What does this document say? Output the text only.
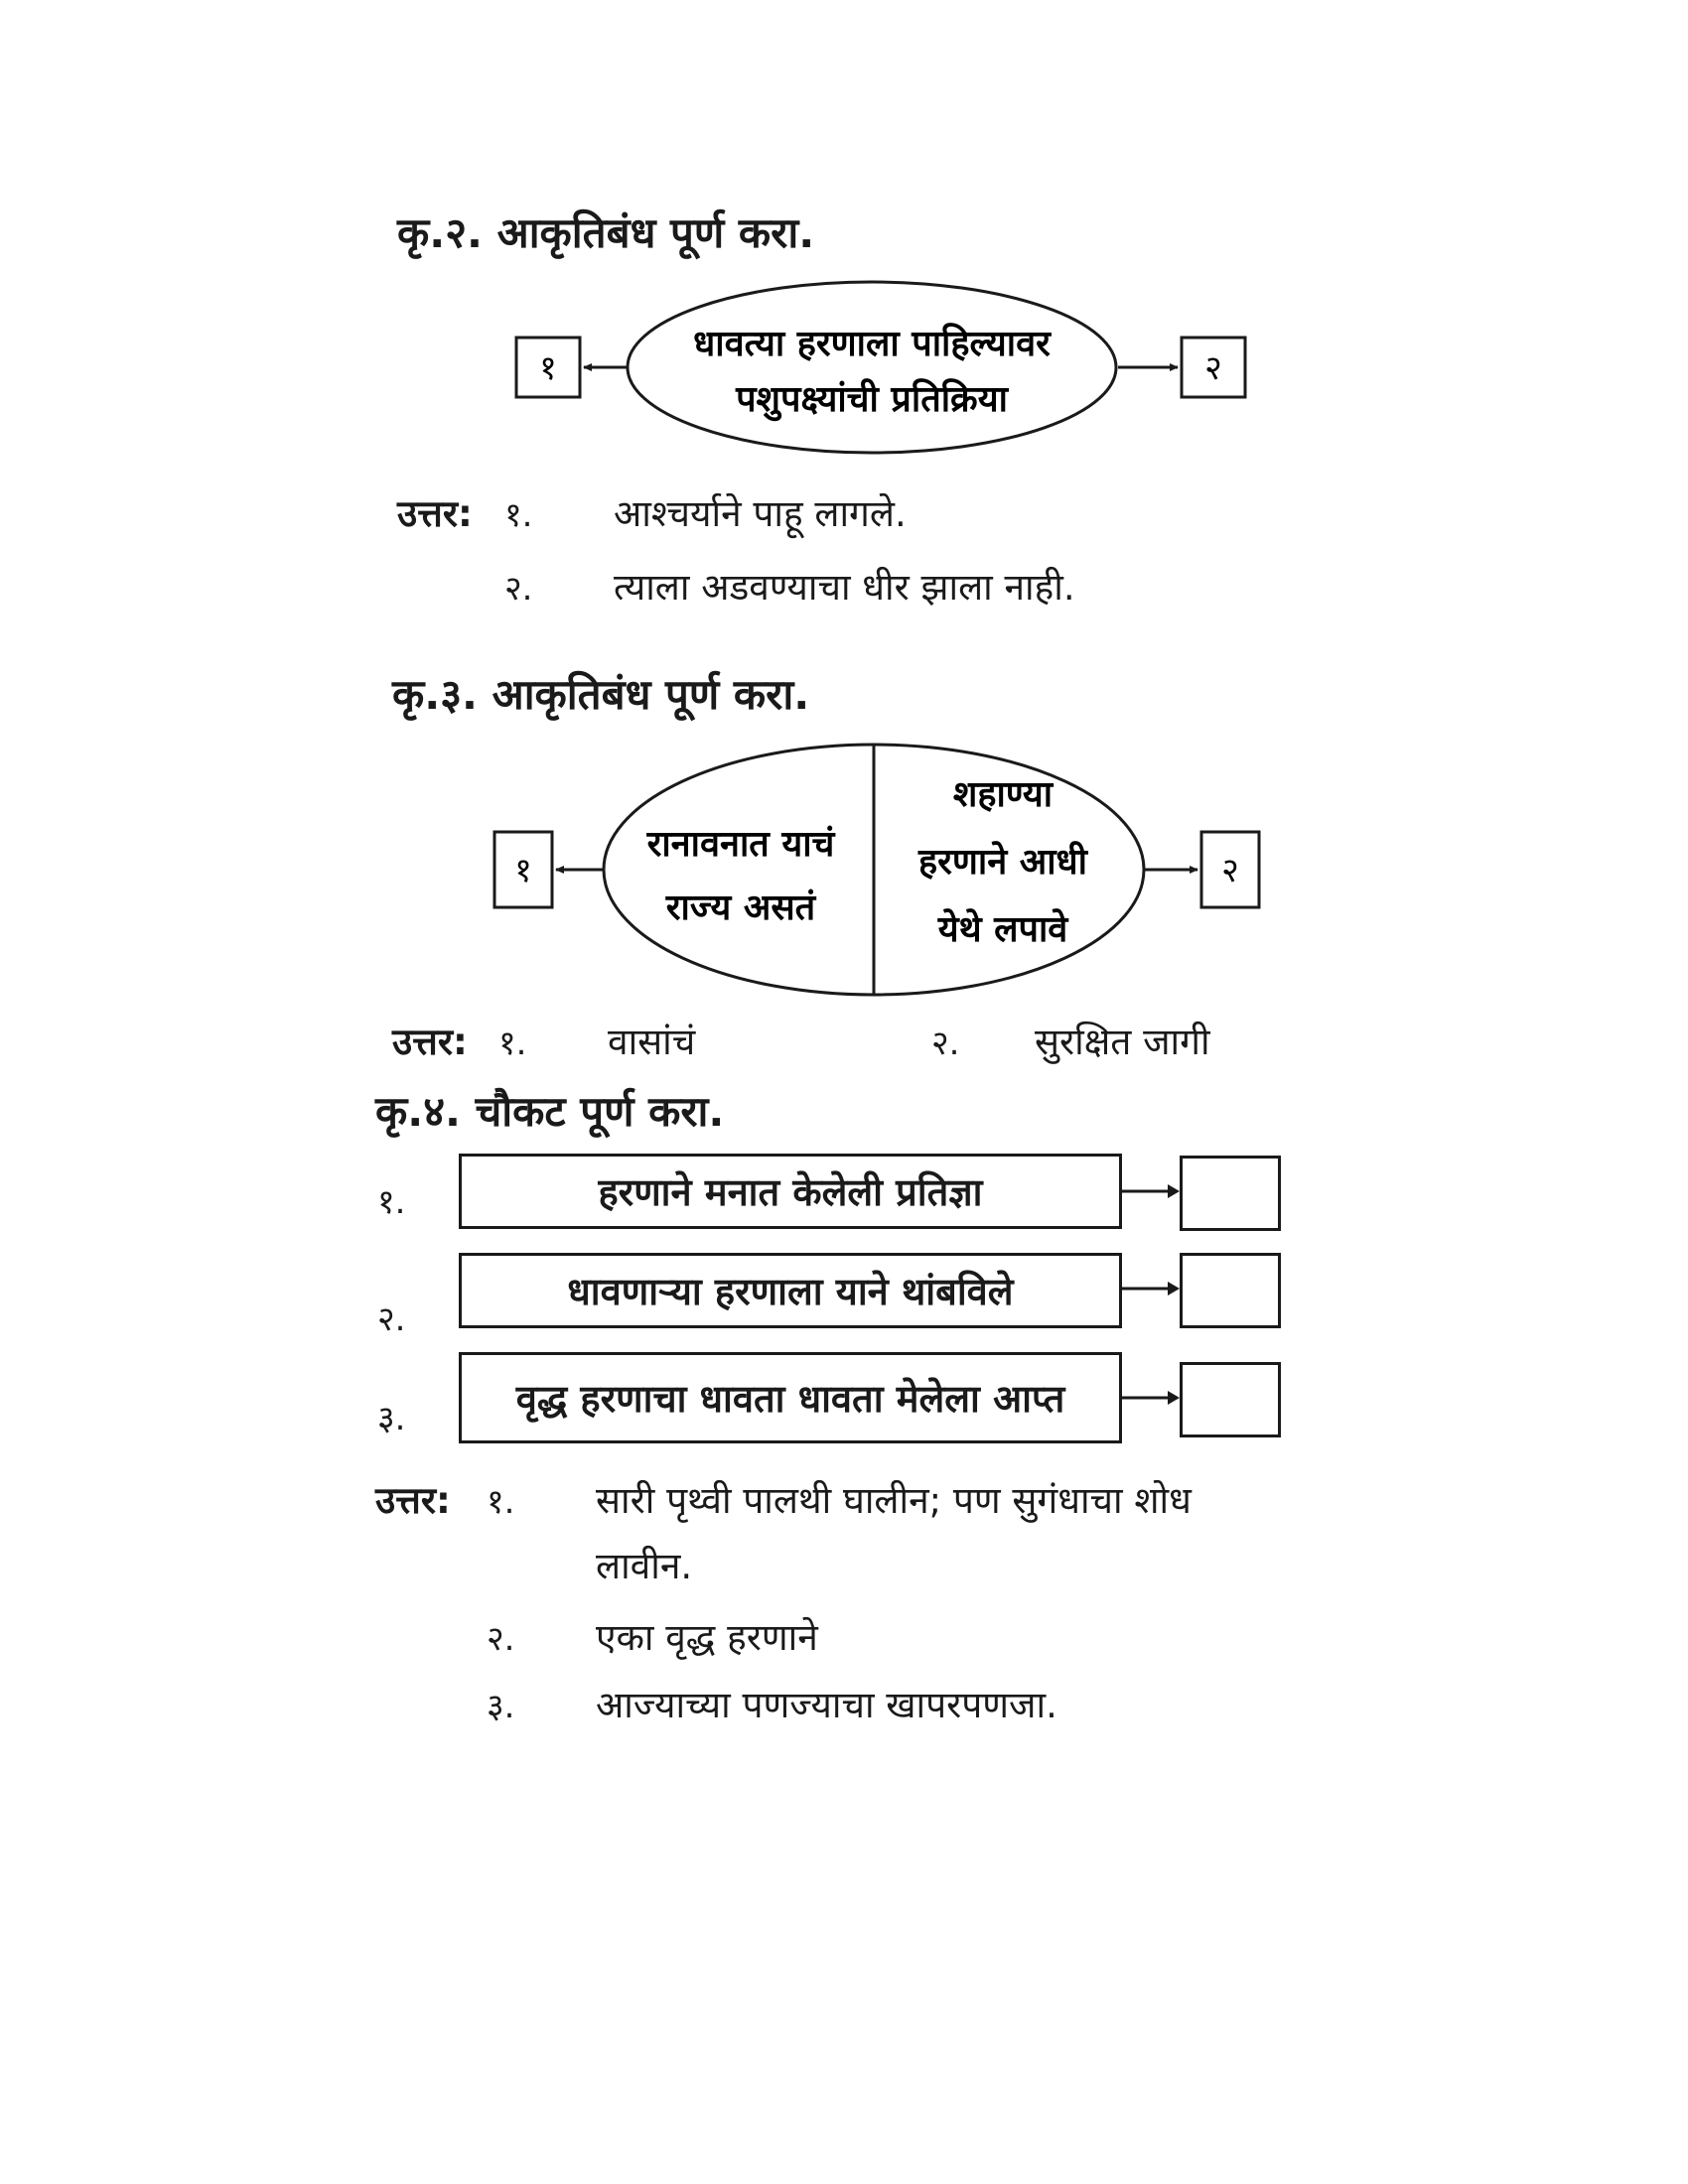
कृ.२. आकृतिबंध पूर्ण करा.
१
धावत्या हरणाला पाहिल्यावर
पशुपक्ष्यांची प्रतिक्रिया
२
उत्तर: १. आश्चर्याने पाहू लागले.
२. त्याला अडवण्याचा धीर झाला नाही.
कृ.३. आकृतिबंध पूर्ण करा.
१
रानावनात याचं
राज्य असतं
शहाण्या
हरणाने आधी
येथे लपावे
२
उत्तर: १. वासांचं	२. सुरक्षित जागी
कृ.४. चौकट पूर्ण करा.
१.	हरणाने मनात केलेली प्रतिज्ञा
२.
धावणाऱ्या हरणाला याने थांबविले
३.	वृद्ध हरणाचा धावता धावता मेलेला आप्त
उत्तर: १. सारी पृथ्वी पालथी घालीन; पण सुगंधाचा शोध
लावीन.
२. एका वृद्ध हरणाने
३. आज्याच्या पणज्याचा खापरपणजा.
